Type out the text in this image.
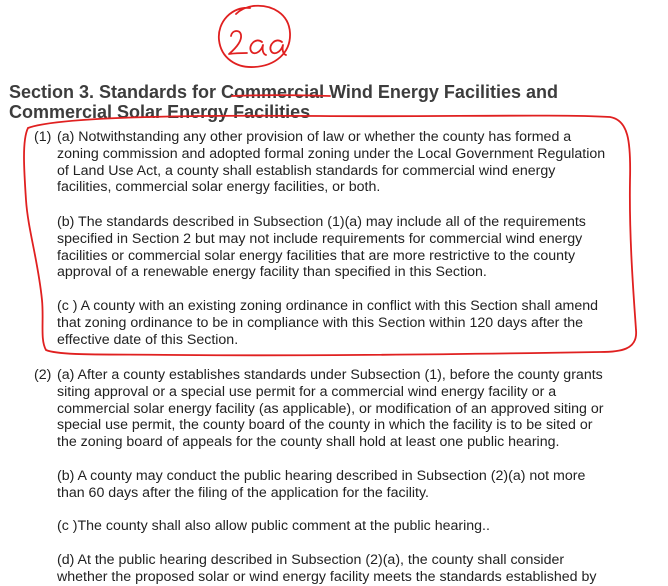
Section 3. Standards for Commercial Wind Energy Facilities and
Commercial Solar Energy Facilities
(1) (a) Notwithstanding any other provision of law or whether the county has formed a
zoning commission and adopted formal zoning under the Local Government Regulation
of Land Use Act, a county shall establish standards for commercial wind energy
facilities, commercial solar energy facilities, or both.
(b) The standards described in Subsection (1)(a) may include all of the requirements
specified in Section 2 but may not include requirements for commercial wind energy
facilities or commercial solar energy facilities that are more restrictive to the county
approval of a renewable energy facility than specified in this Section.
(c ) A county with an existing zoning ordinance in conflict with this Section shall amend
that zoning ordinance to be in compliance with this Section within 120 days after the
effective date of this Section.
(2) (a) After a county establishes standards under Subsection (1), before the county grants
siting approval or a special use permit for a commercial wind energy facility or a
commercial solar energy facility (as applicable), or modification of an approved siting or
special use permit, the county board of the county in which the facility is to be sited or
the zoning board of appeals for the county shall hold at least one public hearing.
(b) A county may conduct the public hearing described in Subsection (2)(a) not more
than 60 days after the filing of the application for the facility.
(c )The county shall also allow public comment at the public hearing..
(d) At the public hearing described in Subsection (2)(a), the county shall consider
whether the proposed solar or wind energy facility meets the standards established by
